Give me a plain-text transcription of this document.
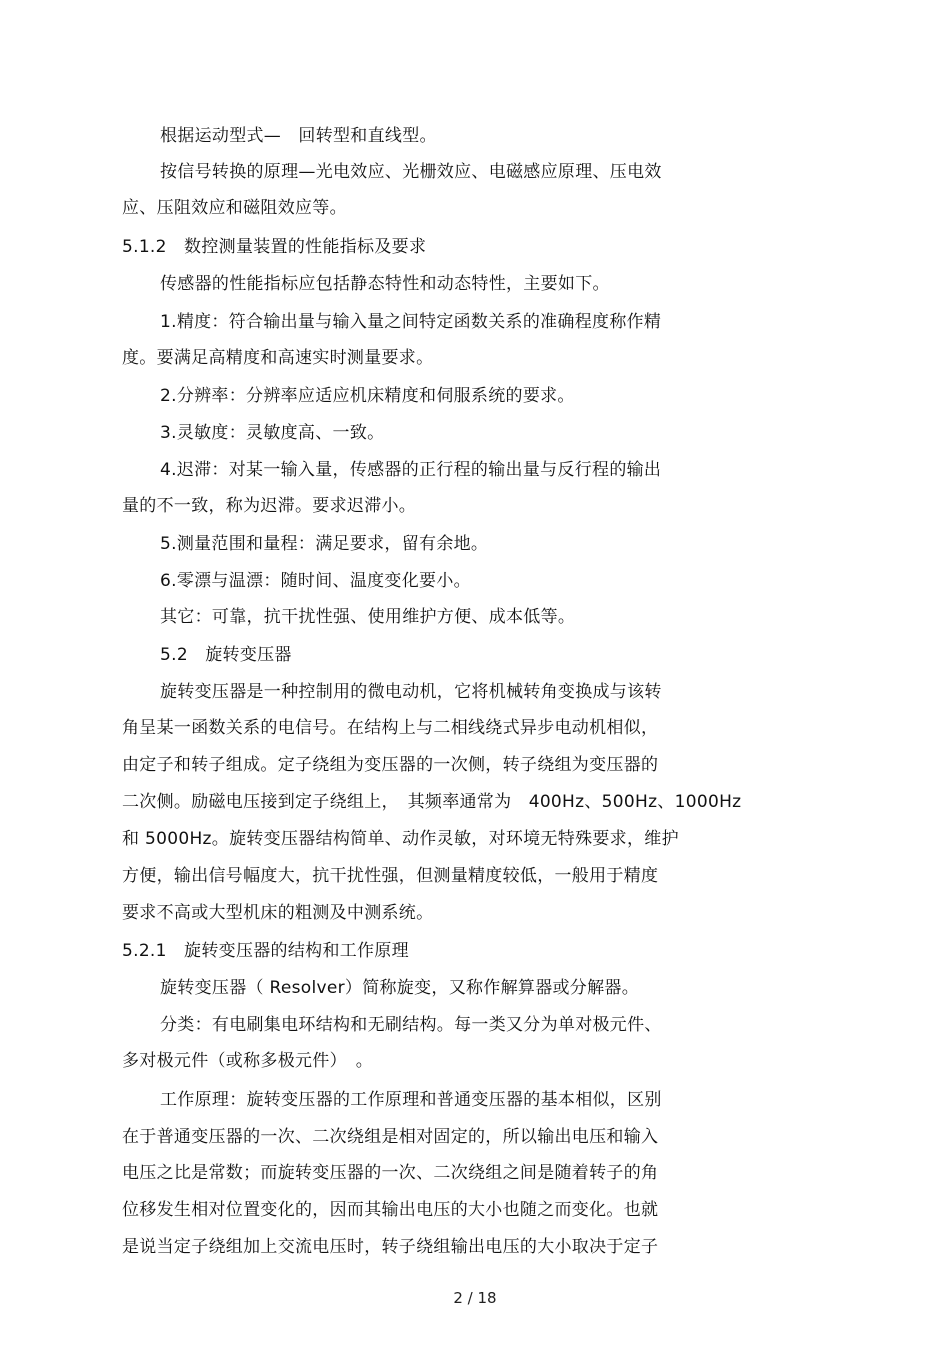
根据运动型式—　回转型和直线型。
按信号转换的原理—光电效应、光栅效应、电磁感应原理、压电效
应、压阻效应和磁阻效应等。
5.1.2　数控测量装置的性能指标及要求
传感器的性能指标应包括静态特性和动态特性，主要如下。
1.精度：符合输出量与输入量之间特定函数关系的准确程度称作精
度。要满足高精度和高速实时测量要求。
2.分辨率：分辨率应适应机床精度和伺服系统的要求。
3.灵敏度：灵敏度高、一致。
4.迟滞：对某一输入量，传感器的正行程的输出量与反行程的输出
量的不一致，称为迟滞。要求迟滞小。
5.测量范围和量程：满足要求，留有余地。
6.零漂与温漂：随时间、温度变化要小。
其它：可靠，抗干扰性强、使用维护方便、成本低等。
5.2　旋转变压器
旋转变压器是一种控制用的微电动机，它将机械转角变换成与该转
角呈某一函数关系的电信号。在结构上与二相线绕式异步电动机相似，
由定子和转子组成。定子绕组为变压器的一次侧，转子绕组为变压器的
二次侧。励磁电压接到定子绕组上，　其频率通常为　400Hz、500Hz、1000Hz
和 5000Hz。旋转变压器结构简单、动作灵敏，对环境无特殊要求，维护
方便，输出信号幅度大，抗干扰性强，但测量精度较低，一般用于精度
要求不高或大型机床的粗测及中测系统。
5.2.1　旋转变压器的结构和工作原理
旋转变压器（ Resolver）简称旋变，又称作解算器或分解器。
分类：有电刷集电环结构和无刷结构。每一类又分为单对极元件、
多对极元件（或称多极元件）　。
工作原理：旋转变压器的工作原理和普通变压器的基本相似，区别
在于普通变压器的一次、二次绕组是相对固定的，所以输出电压和输入
电压之比是常数；而旋转变压器的一次、二次绕组之间是随着转子的角
位移发生相对位置变化的，因而其输出电压的大小也随之而变化。也就
是说当定子绕组加上交流电压时，转子绕组输出电压的大小取决于定子
2 / 18
